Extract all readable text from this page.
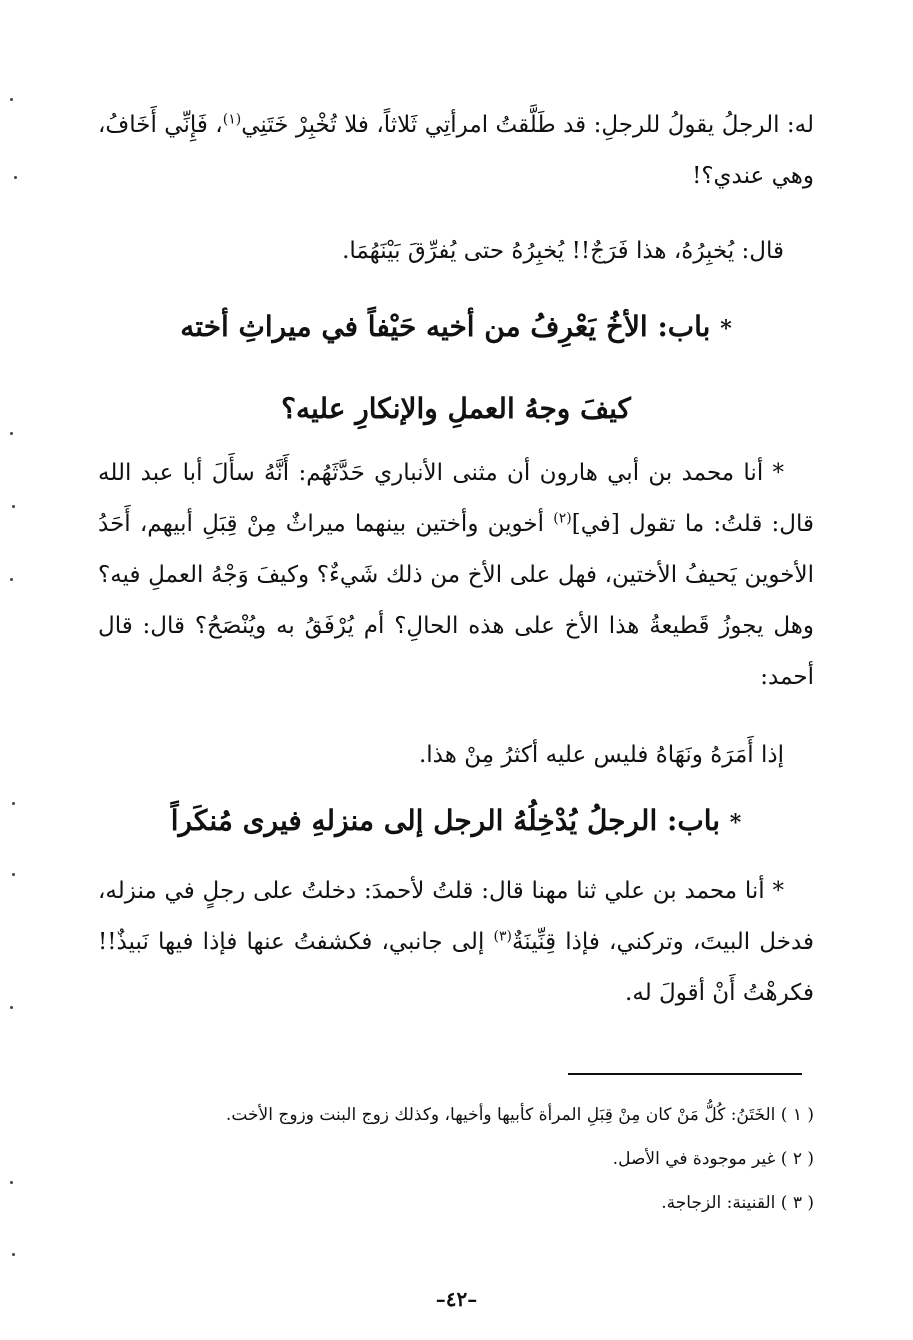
له: الرجلُ يقولُ للرجلِ: قد طَلَّقتُ امرأتِي ثَلاثاً، فلا تُخْبِرْ خَتَنِي$^{(١)}$، فَإِنِّي أَخَافُ، وهي عندي؟!

قال: يُخبِرُهُ، هذا فَرَجٌ!! يُخبِرُهُ حتى يُفرِّقَ بَيْنَهُمَا.

* باب: الأخُ يَعْرِفُ من أخيه حَيْفاً في ميراثِ أخته
كيفَ وجهُ العملِ والإنكارِ عليه؟

* أنا محمد بن أبي هارون أن مثنى الأنباري حَدَّثَهُم: أَنَّهُ سأَلَ أبا عبد الله قال: قلتُ: ما تقول [في]$^{(٢)}$ أخوين وأختين بينهما ميراثٌ مِنْ قِبَلِ أبيهم، أَحَدُ الأخوين يَحيفُ الأختين، فهل على الأخ من ذلك شَيءٌ؟ وكيفَ وَجْهُ العملِ فيه؟ وهل يجوزُ قَطيعةُ هذا الأخ على هذه الحالِ؟ أم يُرْفَقُ به ويُنْصَحُ؟ قال: قال أحمد:

إذا أَمَرَهُ ونَهَاهُ فليس عليه أكثرُ مِنْ هذا.

* باب: الرجلُ يُدْخِلُهُ الرجل إلى منزلهِ فيرى مُنكَراً

* أنا محمد بن علي ثنا مهنا قال: قلتُ لأحمدَ: دخلتُ على رجلٍ في منزله، فدخل البيتَ، وتركني، فإذا قِنِّينَةٌ$^{(٣)}$ إلى جانبي، فكشفتُ عنها فإذا فيها نَبيذٌ!! فكرهْتُ أَنْ أقولَ له.

( ١ ) الخَتَنُ: كُلُّ مَنْ كان مِنْ قِبَلِ المرأة كأبيها وأخيها، وكذلك زوج البنت وزوج الأخت.

( ٢ ) غير موجودة في الأصل.

( ٣ ) القنينة: الزجاجة.

–٤٢–
